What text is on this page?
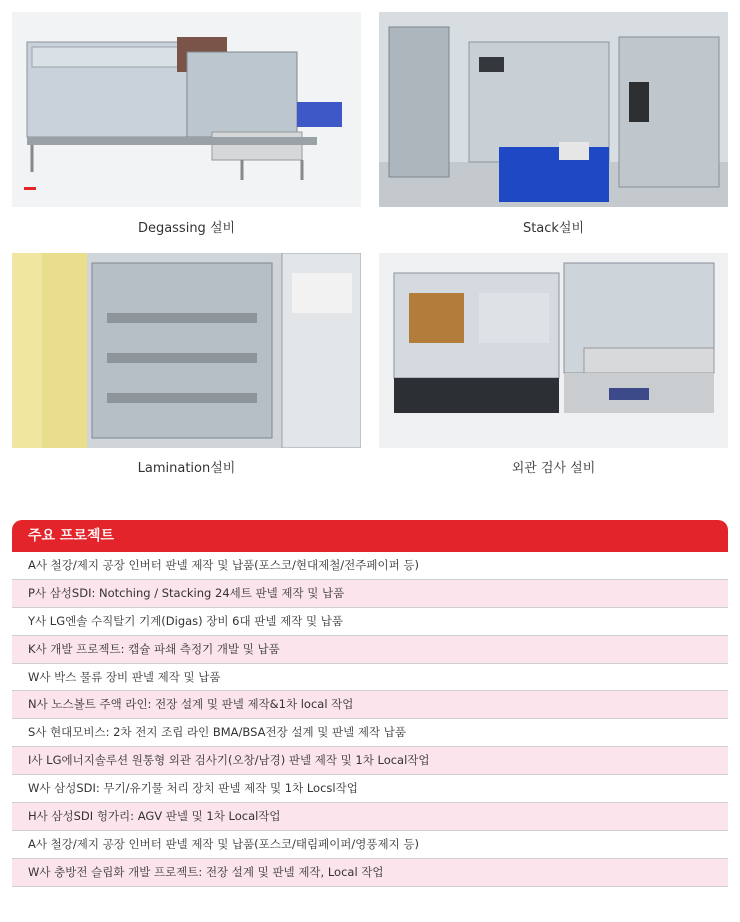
Degassing 설비	Stack설비
Lamination설비	외관 검사 설비
주요 프로젝트
A사 철강/제지 공장 인버터 판넬 제작 및 납품(포스코/현대제철/전주페이퍼 등)
P사 삼성SDI: Notching / Stacking 24세트 판넬 제작 및 납품
Y사 LG엔솔 수직탈기 기계(Digas) 장비 6대 판넬 제작 및 납품
K사 개발 프로젝트: 캡슐 파쇄 측정기 개발 및 납품
W사 박스 물류 장비 판넬 제작 및 납품
N사 노스볼트 주액 라인: 전장 설계 및 판넬 제작&1차 local 작업
S사 현대모비스: 2차 전지 조립 라인 BMA/BSA전장 설계 및 판넬 제작 납품
I사 LG에너지솔루션 원통형 외관 검사기(오창/남경) 판넬 제작 및 1차 Local작업
W사 삼성SDI: 무기/유기물 처리 장치 판넬 제작 및 1차 Locsl작업
H사 삼성SDI 헝가리: AGV 판넬 및 1차 Local작업
A사 철강/제지 공장 인버터 판넬 제작 및 납품(포스코/태림페이퍼/영풍제지 등)
W사 충방전 슬립화 개발 프로젝트: 전장 설계 및 판넬 제작, Local 작업
